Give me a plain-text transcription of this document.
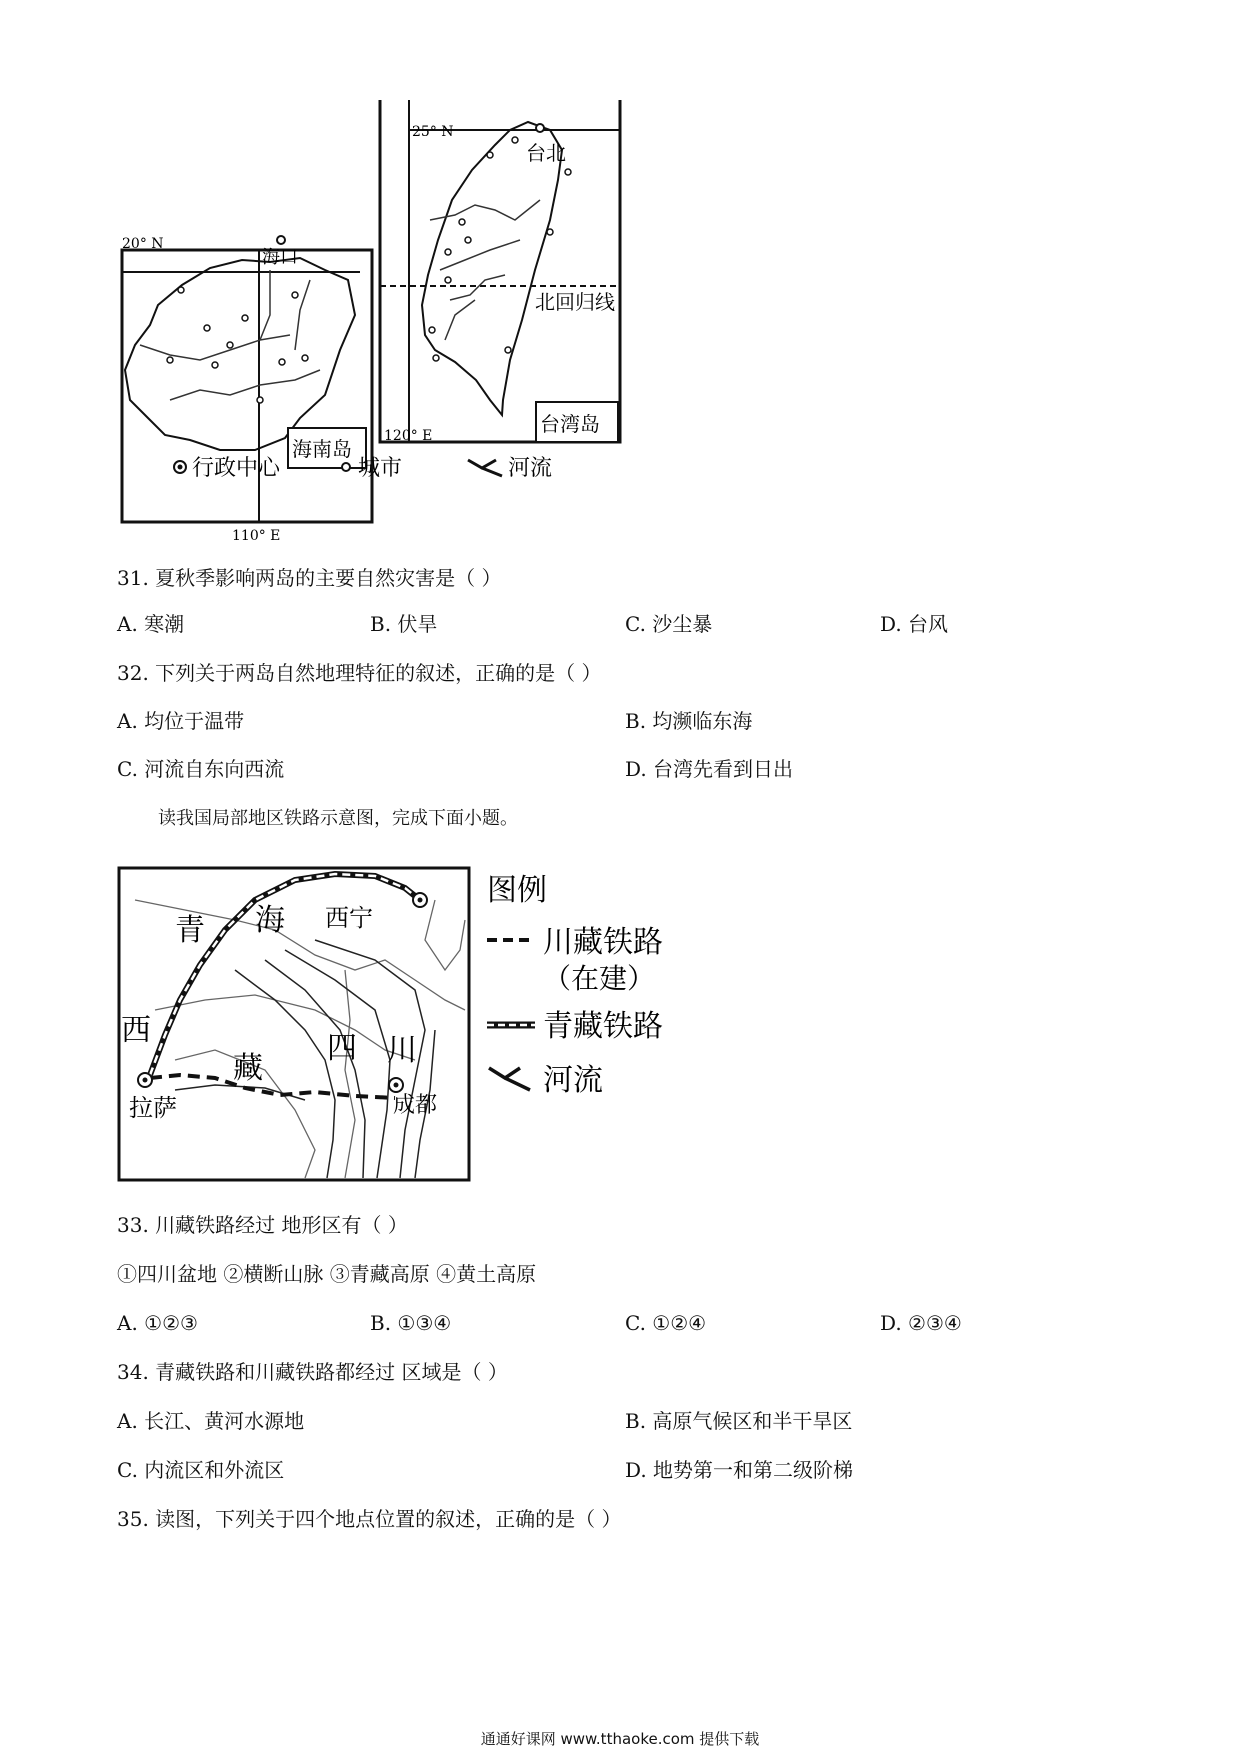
20° N
110° E
海口
海南岛
25° N
120° E
台北
北回归线
台湾岛
行政中心	城市	河流
31. 夏秋季影响两岛的主要自然灾害是（ ）
A. 寒潮	B. 伏旱	C. 沙尘暴	D. 台风
32. 下列关于两岛自然地理特征的叙述，正确的是（ ）
A. 均位于温带	B. 均濒临东海
C. 河流自东向西流	D. 台湾先看到日出
读我国局部地区铁路示意图，完成下面小题。
青 海
西
藏
四 川
西宁
拉萨	成都
图例
川藏铁路
（在建）
青藏铁路
河流
33. 川藏铁路经过 地形区有（ ）
①四川盆地 ②横断山脉 ③青藏高原 ④黄土高原
A. ①②③	B. ①③④	C. ①②④	D. ②③④
34. 青藏铁路和川藏铁路都经过 区域是（ ）
A. 长江、黄河水源地	B. 高原气候区和半干旱区
C. 内流区和外流区	D. 地势第一和第二级阶梯
35. 读图，下列关于四个地点位置的叙述，正确的是（ ）
通通好课网 www.tthaoke.com 提供下载
